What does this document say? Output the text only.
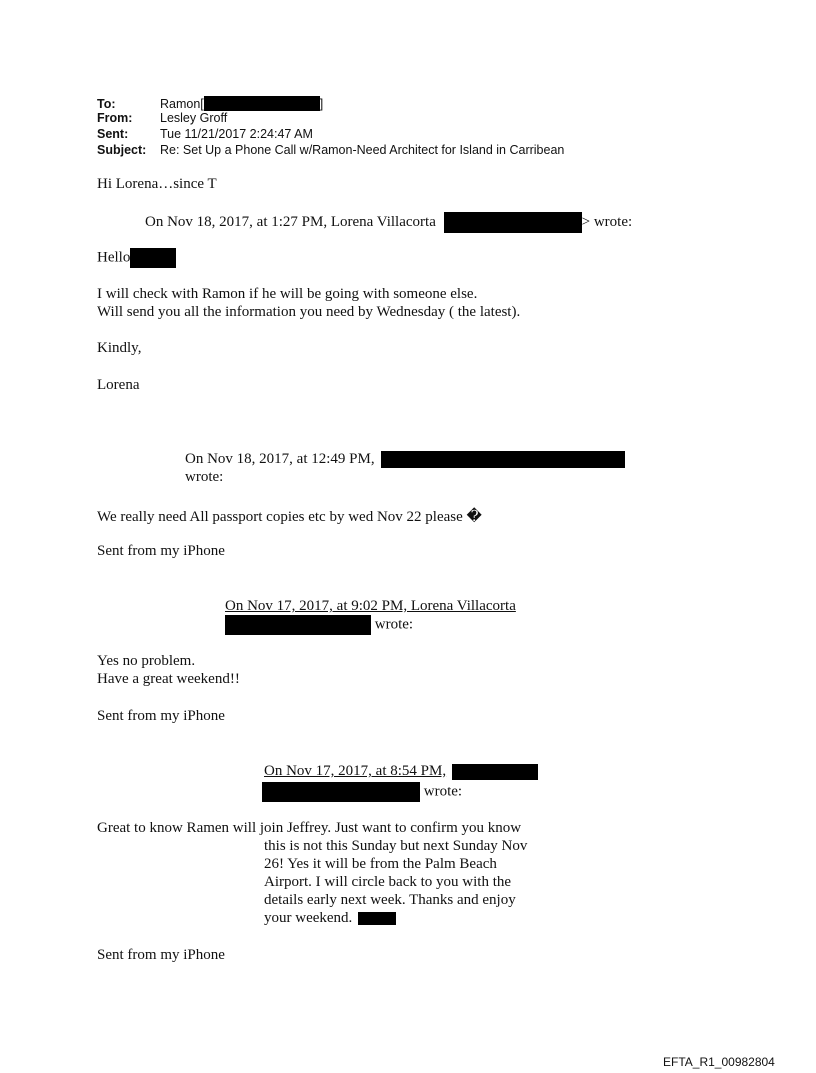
To:	Ramon[	]
From: Lesley Groff
Sent:	Tue 11/21/2017 2:24:47 AM
Subject: Re: Set Up a Phone Call w/Ramon-Need Architect for Island in Carribean
Hi Lorena…since T
On Nov 18, 2017, at 1:27 PM, Lorena Villacorta	> wrote:
Hello
I will check with Ramon if he will be going with someone else.
Will send you all the information you need by Wednesday ( the latest).
Kindly,
Lorena
On Nov 18, 2017, at 12:49 PM,
wrote:
We really need All passport copies etc by wed Nov 22 please �
Sent from my iPhone
On Nov 17, 2017, at 9:02 PM, Lorena Villacorta
wrote:
Yes no problem.
Have a great weekend!!
Sent from my iPhone
On Nov 17, 2017, at 8:54 PM,
wrote:
Great to know Ramen will join Jeffrey. Just want to confirm you know
this is not this Sunday but next Sunday Nov
26! Yes it will be from the Palm Beach
Airport. I will circle back to you with the
details early next week. Thanks and enjoy
your weekend.
Sent from my iPhone
EFTA_R1_00982804
